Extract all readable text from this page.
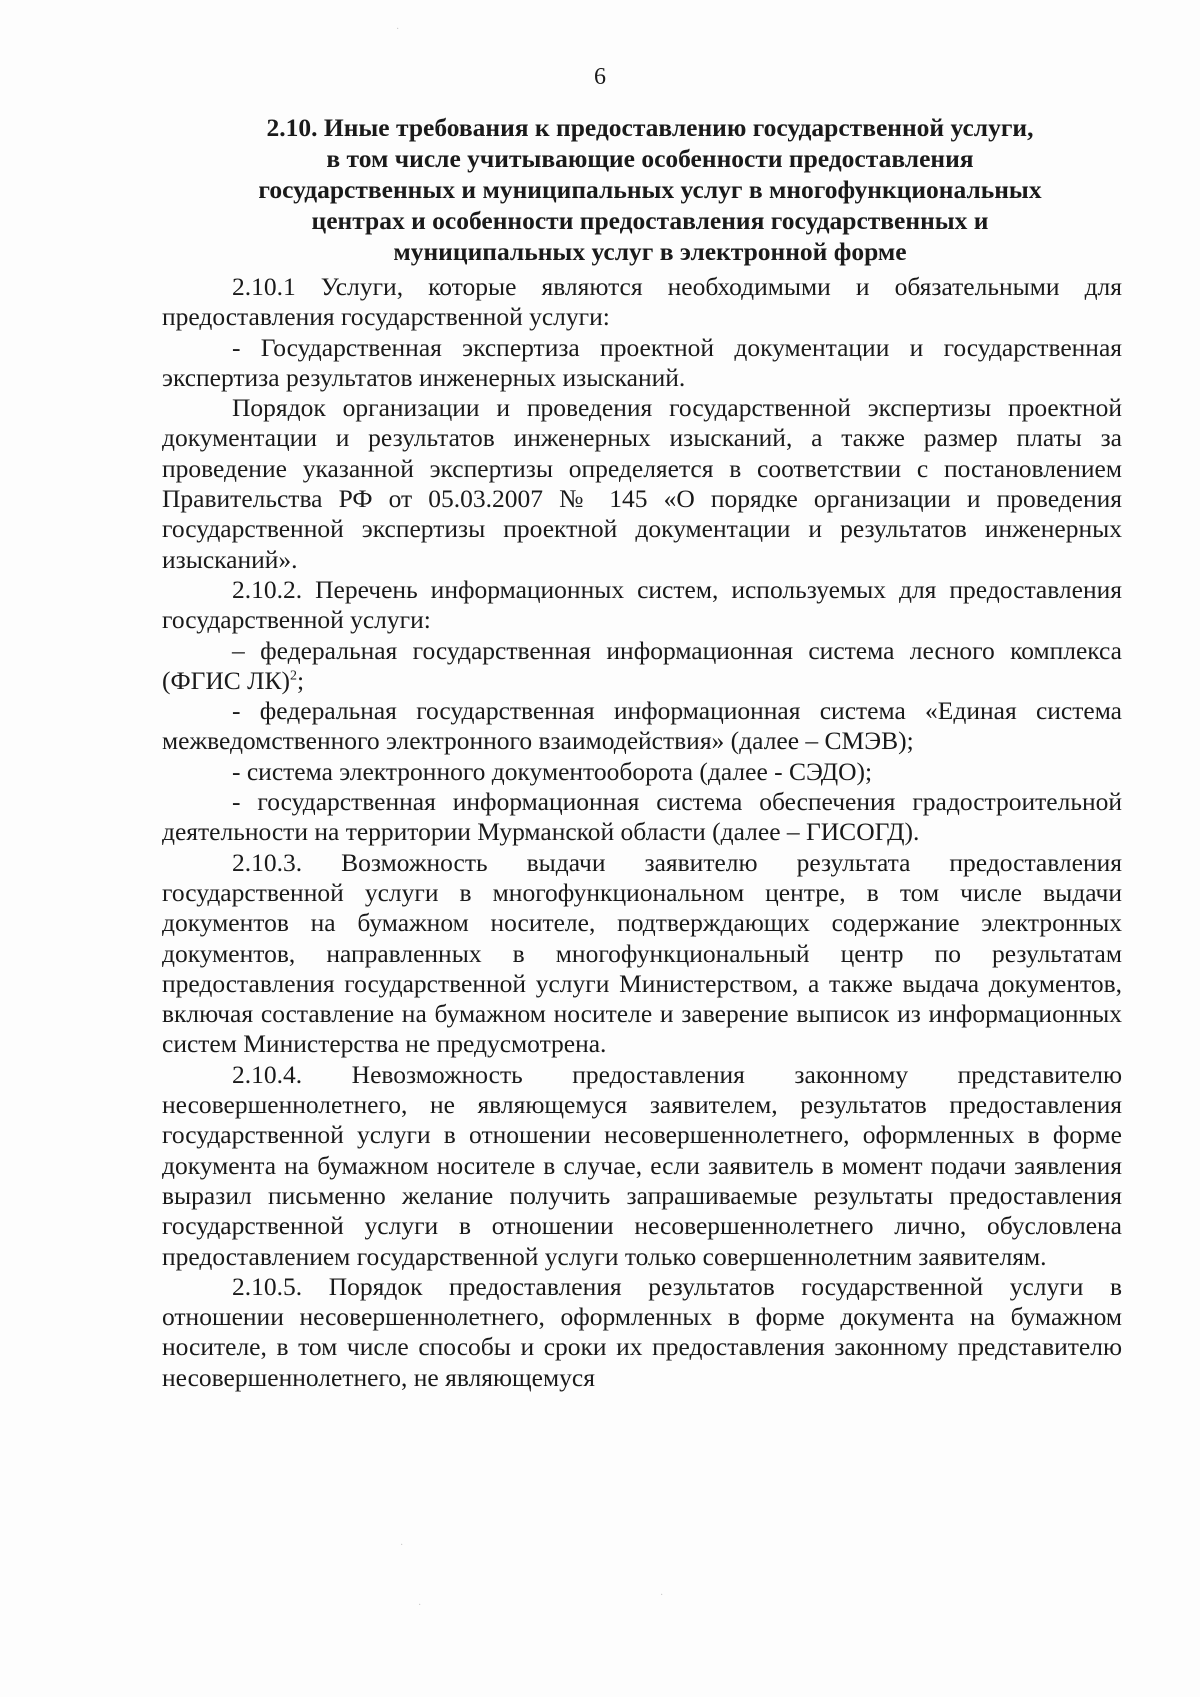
6
2.10. Иные требования к предоставлению государственной услуги,
в том числе учитывающие особенности предоставления
государственных и муниципальных услуг в многофункциональных
центрах и особенности предоставления государственных и
муниципальных услуг в электронной форме

2.10.1 Услуги, которые являются необходимыми и обязательными для предоставления государственной услуги:

- Государственная экспертиза проектной документации и государственная экспертиза результатов инженерных изысканий.

Порядок организации и проведения государственной экспертизы проектной документации и результатов инженерных изысканий, а также размер платы за проведение указанной экспертизы определяется в соответствии с постановлением Правительства РФ от 05.03.2007 № 145 «О порядке организации и проведения государственной экспертизы проектной документации и результатов инженерных изысканий».

2.10.2. Перечень информационных систем, используемых для предоставления государственной услуги:

– федеральная государственная информационная система лесного комплекса (ФГИС ЛК)$^2$;

- федеральная государственная информационная система «Единая система межведомственного электронного взаимодействия» (далее – СМЭВ);

- система электронного документооборота (далее - СЭДО);

- государственная информационная система обеспечения градостроительной деятельности на территории Мурманской области (далее – ГИСОГД).

2.10.3. Возможность выдачи заявителю результата предоставления государственной услуги в многофункциональном центре, в том числе выдачи документов на бумажном носителе, подтверждающих содержание электронных документов, направленных в многофункциональный центр по результатам предоставления государственной услуги Министерством, а также выдача документов, включая составление на бумажном носителе и заверение выписок из информационных систем Министерства не предусмотрена.

2.10.4. Невозможность предоставления законному представителю несовершеннолетнего, не являющемуся заявителем, результатов предоставления государственной услуги в отношении несовершеннолетнего, оформленных в форме документа на бумажном носителе в случае, если заявитель в момент подачи заявления выразил письменно желание получить запрашиваемые результаты предоставления государственной услуги в отношении несовершеннолетнего лично, обусловлена предоставлением государственной услуги только совершеннолетним заявителям.

2.10.5. Порядок предоставления результатов государственной услуги в отношении несовершеннолетнего, оформленных в форме документа на бумажном носителе, в том числе способы и сроки их предоставления законному представителю несовершеннолетнего, не являющемуся

·
·
·
·
